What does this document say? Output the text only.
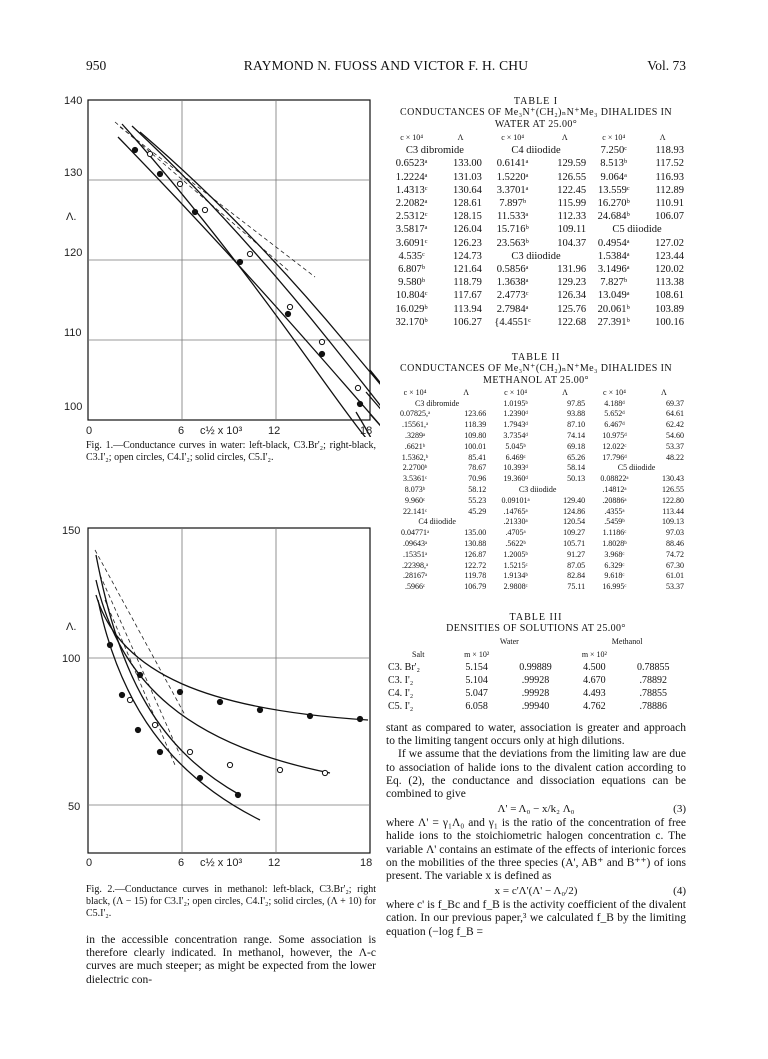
950	RAYMOND N. FUOSS AND VICTOR F. H. CHU	Vol. 73
140
130
120
110
100
Λ.
0	6	12	18
c½ x 10³
Fig. 1.—Conductance curves in water: left-black, C3.Br'₂; right-black, C3.I'₂; open circles, C4.I'₂; solid circles, C5.I'₂.
150
100
50
Λ.
0	6	12	18
c½ x 10³
Fig. 2.—Conductance curves in methanol: left-black, C3.Br'₂; right black, (Λ − 15) for C3.I'₂; open circles, C4.I'₂; solid circles, (Λ + 10) for C5.I'₂.
in the accessible concentration range. Some association is therefore clearly indicated. In methanol, however, the Λ-c curves are much steeper; as might be expected from the lower dielectric con-
TABLE I
CONDUCTANCES OF Me₃N⁺(CH₂)ₙN⁺Me₃ DIHALIDES IN
WATER AT 25.00°
c × 10⁴	Λ	c × 10⁴	Λ	c × 10⁴	Λ
C3 dibromide		C4 diiodide		7.250ᶜ	118.93
0.6523ᵃ	133.00	0.6141ᵃ	129.59	8.513ᵇ	117.52
1.2224ᵃ	131.03	1.5220ᵃ	126.55	9.064ᵃ	116.93
1.4313ᶜ	130.64	3.3701ᵃ	122.45	13.559ᶜ	112.89
2.2082ᵃ	128.61	7.897ᵇ	115.99	16.270ᵇ	110.91
2.5312ᶜ	128.15	11.533ᵃ	112.33	24.684ᵇ	106.07
3.5817ᵃ	126.04	15.716ᵇ	109.11	C5 diiodide	
3.6091ᶜ	126.23	23.563ᵇ	104.37	0.4954ᵃ	127.02
4.535ᶜ	124.73	C3 diiodide		1.5384ᵃ	123.44
6.807ᵇ	121.64	0.5856ᵃ	131.96	3.1496ᵃ	120.02
9.580ᵇ	118.79	1.3638ᵃ	129.23	7.827ᵇ	113.38
10.804ᶜ	117.67	2.4773ᶜ	126.34	13.049ᵃ	108.61
16.029ᵇ	113.94	2.7984ᵃ	125.76	20.061ᵇ	103.89
32.170ᵇ	106.27	{4.4551ᶜ	122.68	27.391ᵇ	100.16
TABLE II
CONDUCTANCES OF Me₃N⁺(CH₂)ₙN⁺Me₃ DIHALIDES IN
METHANOL AT 25.00°
c × 10⁴	Λ	c × 10⁴	Λ	c × 10⁴	Λ
C3 dibromide		1.0195ᵇ	97.85	4.188ᵈ	69.37
0.07825,ᵃ	123.66	1.2390ᵈ	93.88	5.652ᵈ	64.61
.15561,ᵃ	118.39	1.7943ᵈ	87.10	6.467ᵈ	62.42
.3289ᵃ	109.80	3.7354ᵈ	74.14	10.975ᵈ	54.60
.6621ᵇ	100.01	5.045ᵇ	69.18	12.022ᶜ	53.37
1.5362,ᵇ	85.41	6.469ᶜ	65.26	17.796ᵈ	48.22
2.2700ᵇ	78.67	10.393ᵈ	58.14	C5 diiodide	
3.5361ᶜ	70.96	19.360ᵈ	50.13	0.08822ᵃ	130.43
8.073ᵇ	58.12	C3 diiodide		.14812ᵃ	126.55
9.960ᶜ	55.23	0.09101ᵃ	129.40	.20886ᵃ	122.80
22.141ᶜ	45.29	.14765ᵃ	124.86	.4355ᵃ	113.44
C4 diiodide		.21330ᵃ	120.54	.5459ᵇ	109.13
0.04771ᵃ	135.00	.4705ᵃ	109.27	1.1186ᶜ	97.03
.09643ᵃ	130.88	.5622ᵇ	105.71	1.8028ᵇ	88.46
.15351ᵃ	126.87	1.2005ᵇ	91.27	3.968ᶜ	74.72
.22398,ᵃ	122.72	1.5215ᶜ	87.05	6.329ᶜ	67.30
.28167ᵃ	119.78	1.9134ᵇ	82.84	9.618ᶜ	61.01
.5966ᶜ	106.79	2.9808ᶜ	75.11	16.995ᶜ	53.37
TABLE III
DENSITIES OF SOLUTIONS AT 25.00°
	Water		Methanol	
Salt	m × 10²		m × 10²	
C3. Br'₂	5.154	0.99889	4.500	0.78855
C3. I'₂	5.104	.99928	4.670	.78892
C4. I'₂	5.047	.99928	4.493	.78855
C5. I'₂	6.058	.99940	4.762	.78886
stant as compared to water, association is greater and approach to the limiting tangent occurs only at high dilutions.
If we assume that the deviations from the limiting law are due to association of halide ions to the divalent cation according to Eq. (2), the conductance and dissociation equations can be combined to give
Λ' = Λ₀ − x/k₂ Λ₀	(3)
where Λ' = γ₁Λ₀ and γ₁ is the ratio of the concentration of free halide ions to the stoichiometric halogen concentration c. The variable Λ' contains an estimate of the effects of interionic forces on the mobilities of the three species (A', AB⁺ and B⁺⁺) of ions present. The variable x is defined as
x = c'Λ'(Λ' − Λ₀/2)	(4)
where c' is f_Bc and f_B is the activity coefficient of the divalent cation. In our previous paper,³ we calculated f_B by the limiting equation (−log f_B =
